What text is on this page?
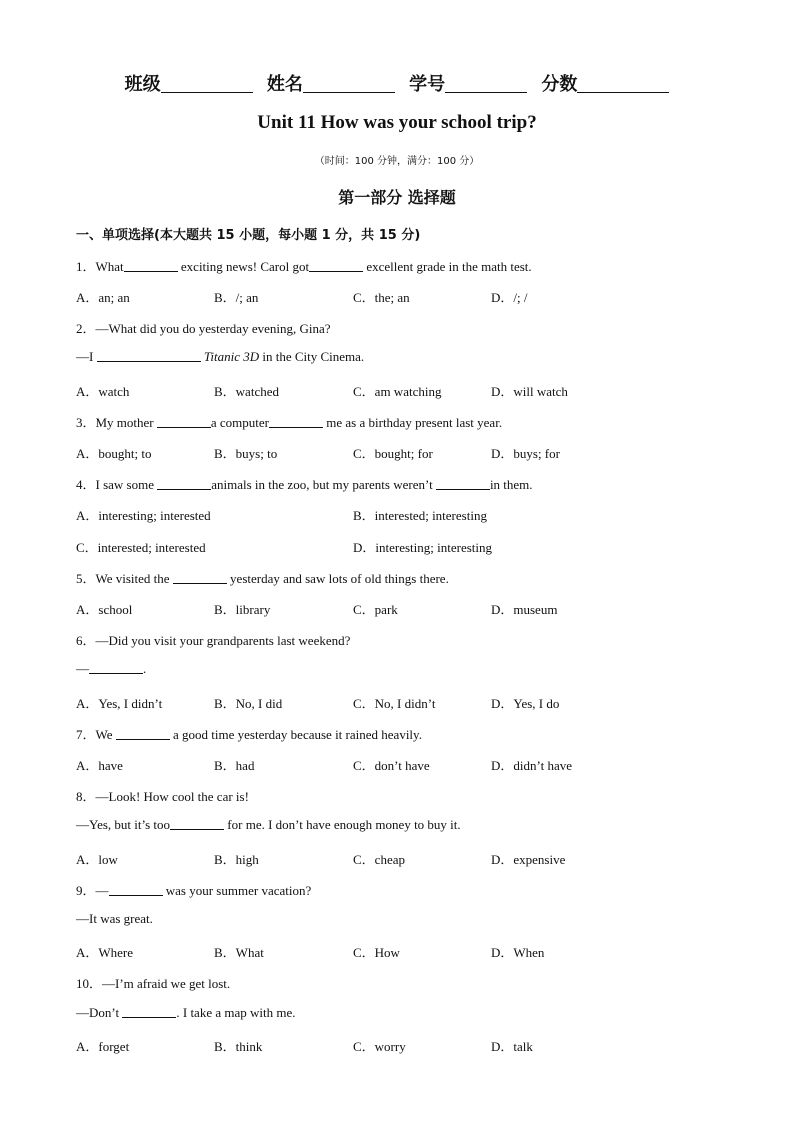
班级	姓名	学号	分数
Unit 11 How was your school trip?
（时间：100 分钟，满分：100 分）
第一部分 选择题
一、单项选择(本大题共 15 小题，每小题 1 分，共 15 分)
1．What	exciting news! Carol got	excellent grade in the math test.
A．an; an	B．/; an	C．the; an	D．/; /
2．—What did you do yesterday evening, Gina?
—I	Titanic 3D in the City Cinema.
A．watch	B．watched	C．am watching	D．will watch
3．My mother	a computer	me as a birthday present last year.
A．bought; to	B．buys; to	C．bought; for	D．buys; for
4．I saw some	animals in the zoo, but my parents weren’t	in them.
A．interesting; interested	B．interested; interesting
C．interested; interested	D．interesting; interesting
5．We visited the	yesterday and saw lots of old things there.
A．school	B．library	C．park	D．museum
6．—Did you visit your grandparents last weekend?
—	.
A．Yes, I didn’t	B．No, I did	C．No, I didn’t	D．Yes, I do
7．We	a good time yesterday because it rained heavily.
A．have	B．had	C．don’t have	D．didn’t have
8．—Look! How cool the car is!
—Yes, but it’s too	for me. I don’t have enough money to buy it.
A．low	B．high	C．cheap	D．expensive
9．—	was your summer vacation?
—It was great.
A．Where	B．What	C．How	D．When
10．—I’m afraid we get lost.
—Don’t	. I take a map with me.
A．forget	B．think	C．worry	D．talk
